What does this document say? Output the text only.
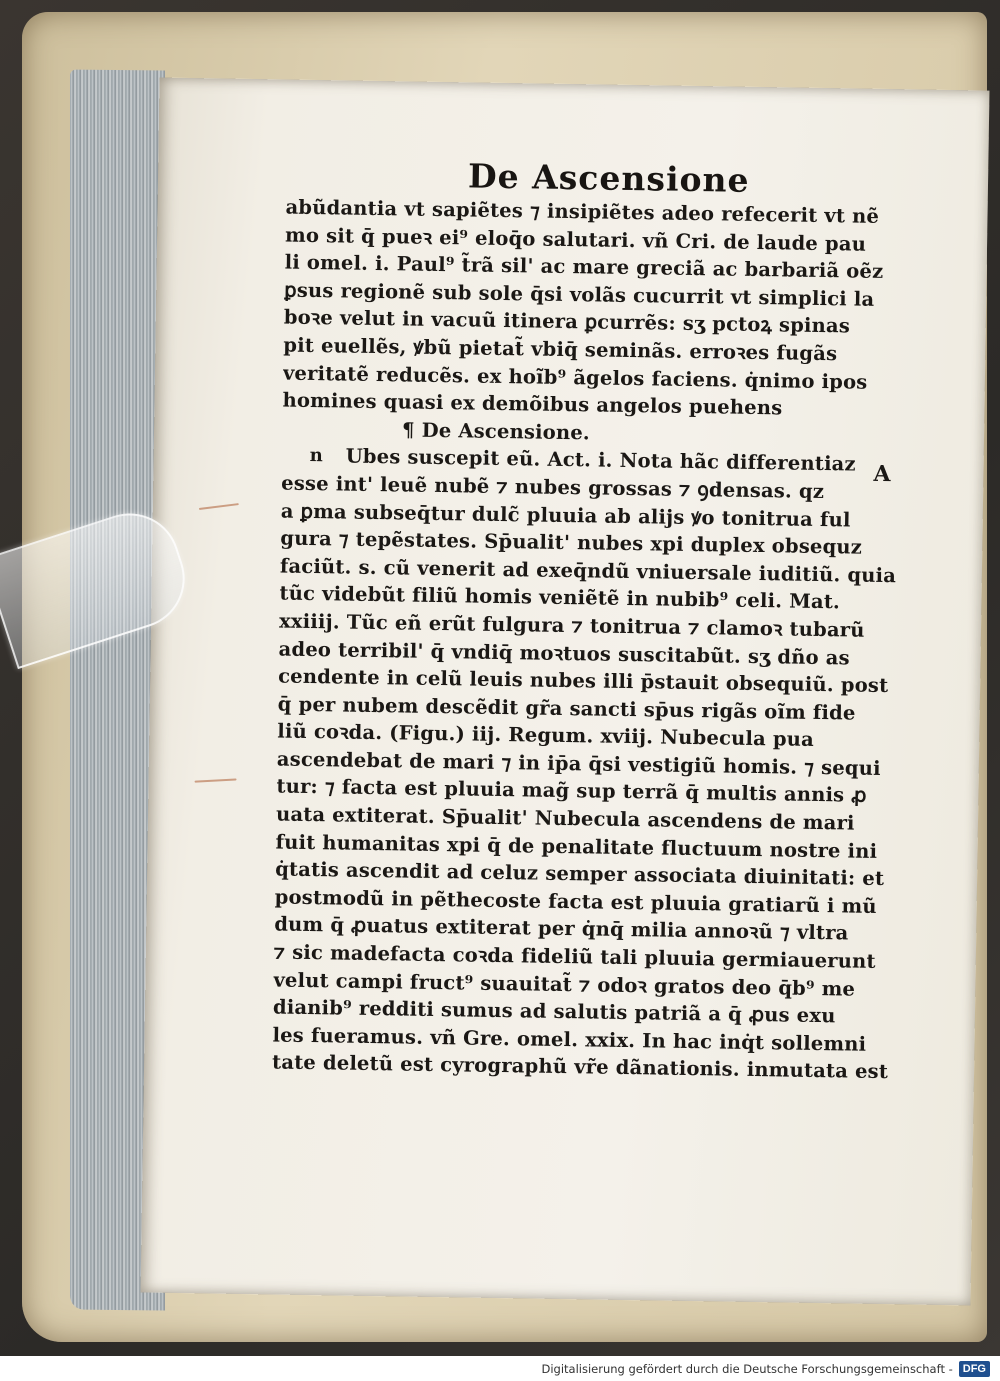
De Ascensione
abũdantia vt sapiẽtes ⁊ insipiẽtes adeo refecerit vt nẽ
mo sit q̄ pueꝛ ei⁹ eloq̄o salutari. vñ Cri. de laude pau
li omel. i. Paul⁹ t̃rã sil' ac mare greciã ac barbariã oẽz
ꝑsus regionẽ sub sole q̄si volãs cucurrit vt simplici la
boꝛe velut in vacuũ itinera ꝑcurrẽs: sʒ pctoꝝ spinas
pit euellẽs, ꝟbũ pietat̃ vbiq̄ seminãs. erroꝛes fugãs
veritatẽ reducẽs. ex hoĩb⁹ ãgelos faciens. q̇nimo ipos
homines quasi ex demõibus angelos puehens
¶ De Ascensione.
n Ubes suscepit eũ. Act. i. Nota hãc differentiaz
esse int' leuẽ nubẽ ⁊ nubes grossas ⁊ ꝯdensas. qz
a ꝑma subseq̄tur dulc̃ pluuia ab alijs ꝟo tonitrua ful
gura ⁊ tepẽstates. Sp̄ualit' nubes xpi duplex obsequz
faciũt. s. cũ venerit ad exeq̄ndũ vniuersale iuditiũ. quia
tũc videbũt filiũ homis veniẽtẽ in nubib⁹ celi. Mat.
xxiiij. Tũc eñ erũt fulgura ⁊ tonitrua ⁊ clamoꝛ tubarũ
adeo terribil' q̄ vndiq̄ moꝛtuos suscitabũt. sʒ dño as
cendente in celũ leuis nubes illi p̄stauit obsequiũ. post
q̄ per nubem descẽdit gr̃a sancti sp̄us rigãs oĩm fide
liũ coꝛda. (Figu.) iij. Regum. xviij. Nubecula pua
ascendebat de mari ⁊ in ip̄a q̄si vestigiũ homis. ⁊ sequi
tur: ⁊ facta est pluuia mag̃ sup terrã q̄ multis annis ꝓ
uata extiterat. Sp̄ualit' Nubecula ascendens de mari
fuit humanitas xpi q̄ de penalitate fluctuum nostre ini
q̇tatis ascendit ad celuz semper associata diuinitati: et
postmodũ in pẽthecoste facta est pluuia gratiarũ i mũ
dum q̄ ꝓuatus extiterat per q̇nq̄ milia annoꝛũ ⁊ vltra
⁊ sic madefacta coꝛda fideliũ tali pluuia germiauerunt
velut campi fruct⁹ suauitat̃ ⁊ odoꝛ gratos deo q̄b⁹ me
dianib⁹ redditi sumus ad salutis patriã a q̄ ꝓus exu
les fueramus. vñ Gre. omel. xxix. In hac inq̇t sollemni
tate deletũ est cyrographũ vr̃e dãnationis. inmutata est
A
Digitalisierung gefördert durch die Deutsche Forschungsgemeinschaft - DFG
